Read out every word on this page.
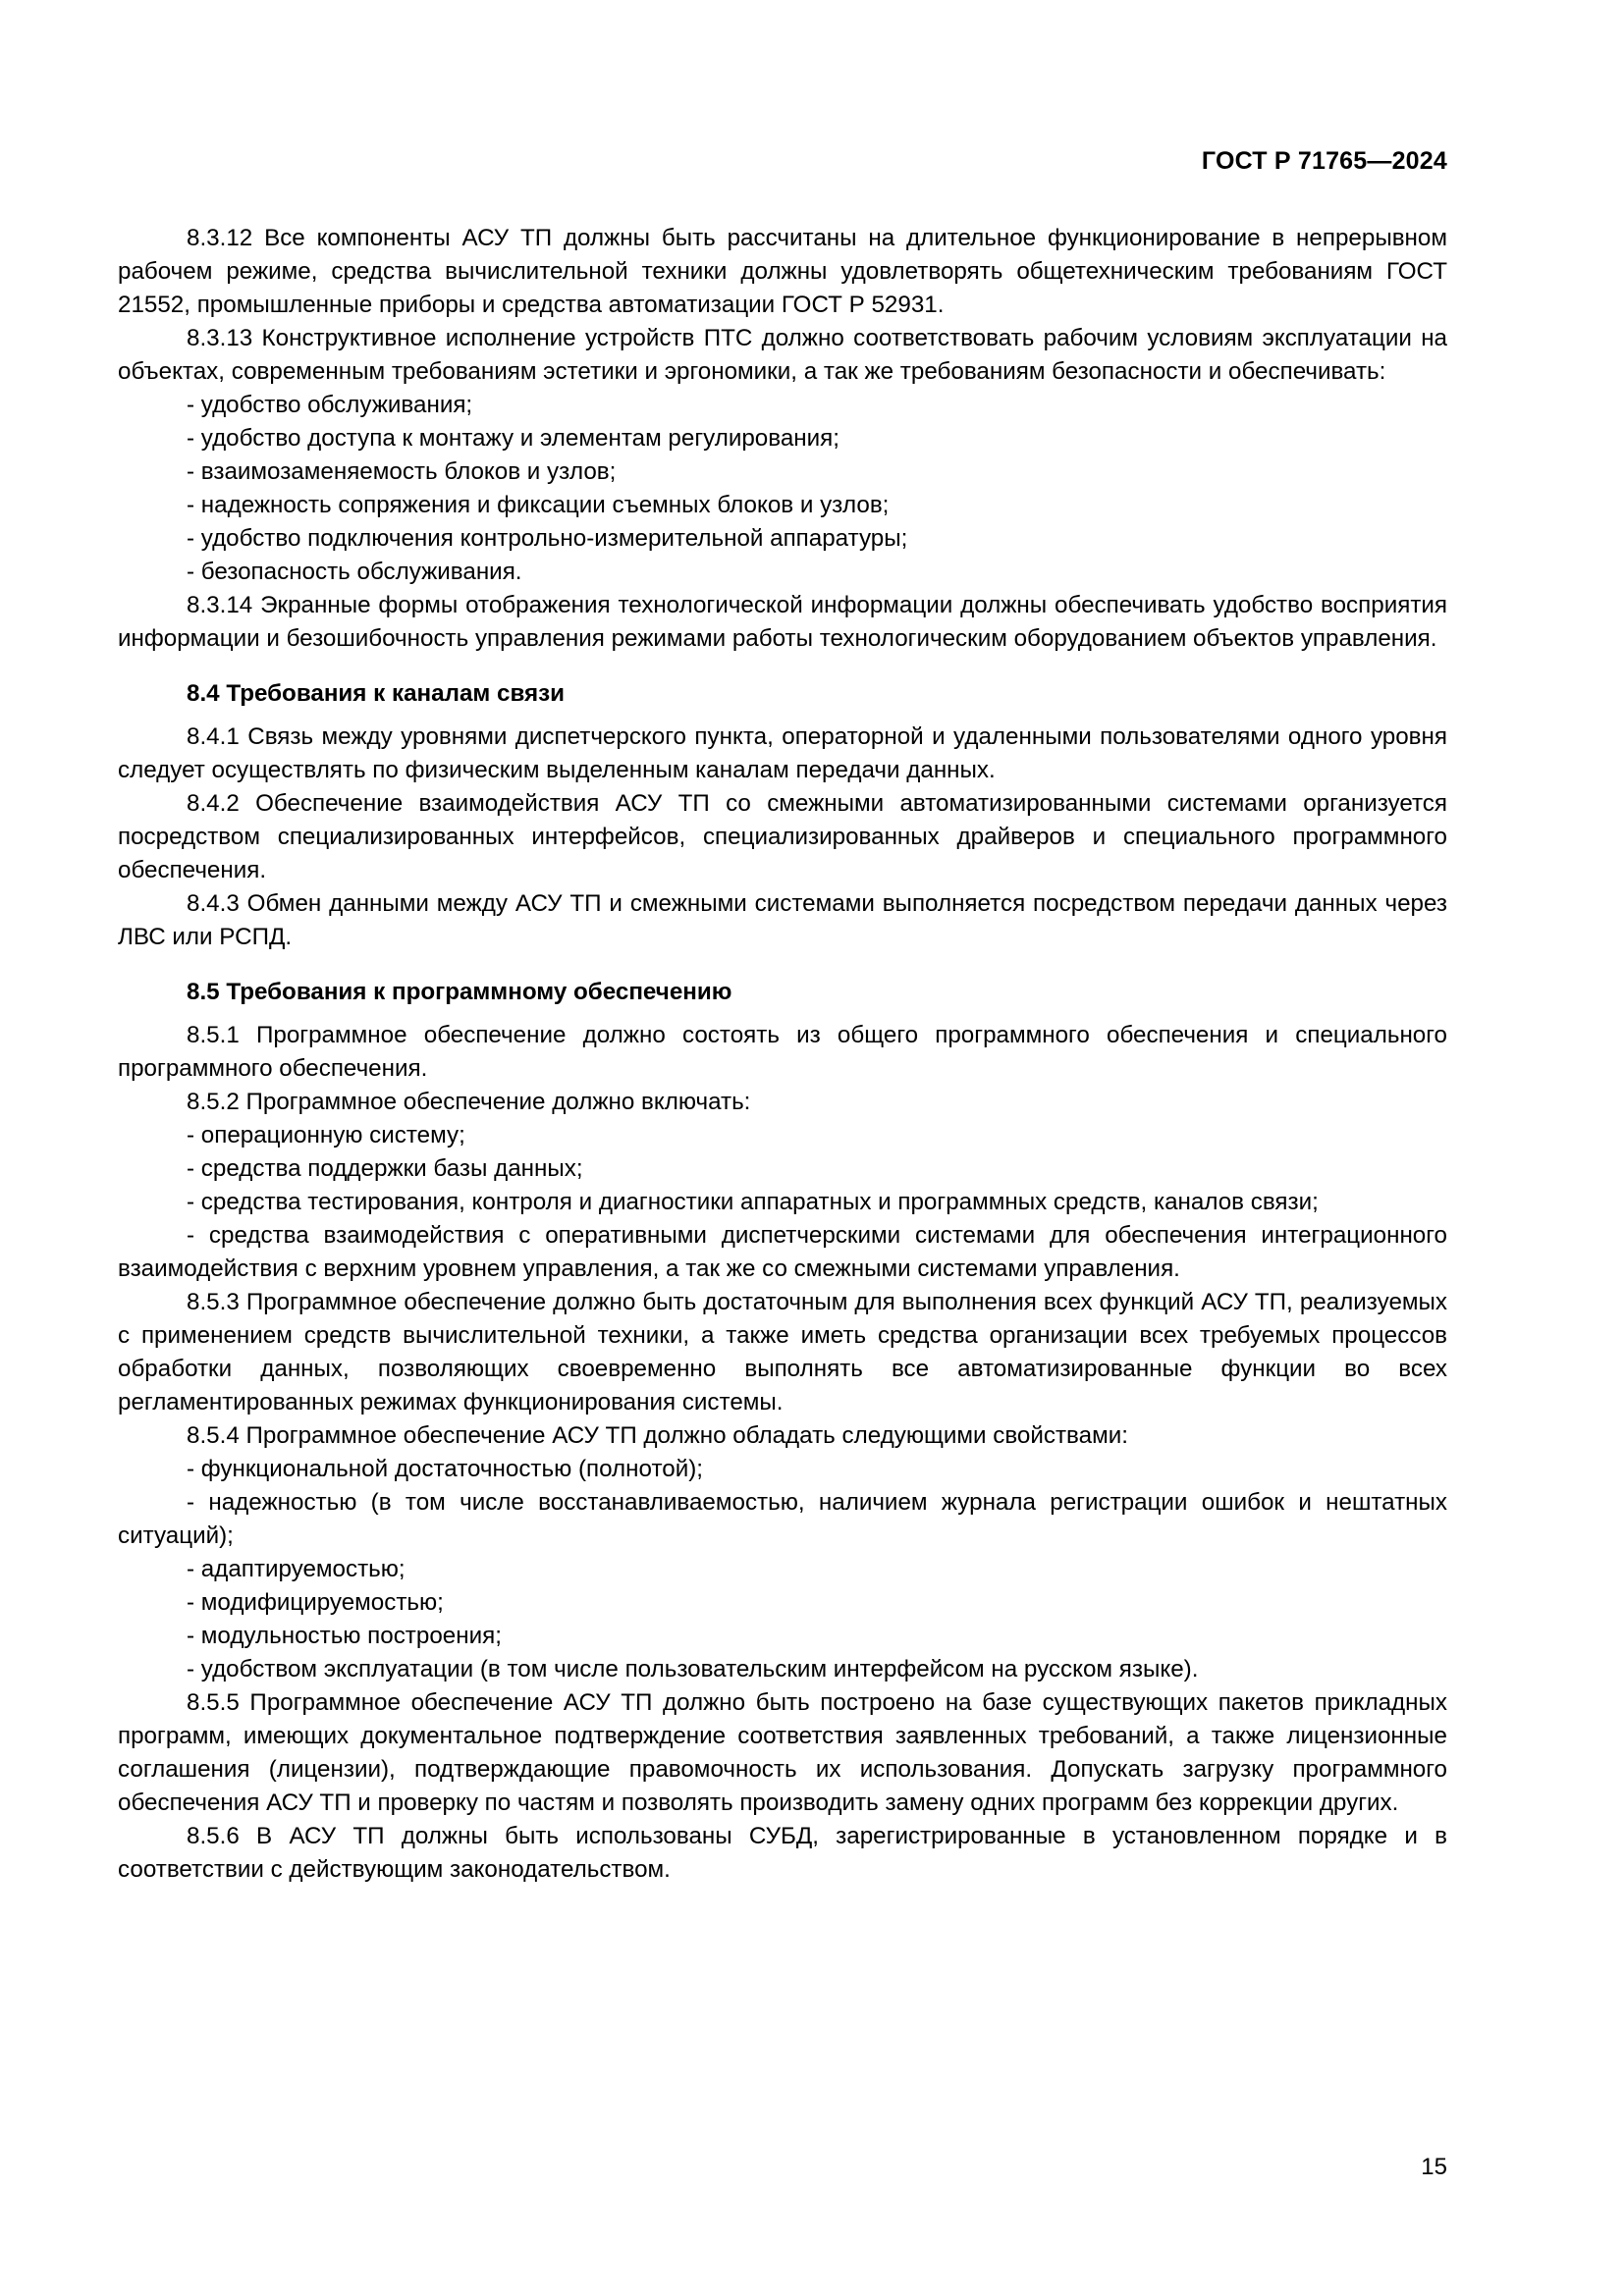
ГОСТ Р 71765—2024

8.3.12 Все компоненты АСУ ТП должны быть рассчитаны на длительное функционирование в непрерывном рабочем режиме, средства вычислительной техники должны удовлетворять общетехническим требованиям ГОСТ 21552, промышленные приборы и средства автоматизации ГОСТ Р 52931.

8.3.13 Конструктивное исполнение устройств ПТС должно соответствовать рабочим условиям эксплуатации на объектах, современным требованиям эстетики и эргономики, а так же требованиям безопасности и обеспечивать:

- удобство обслуживания;

- удобство доступа к монтажу и элементам регулирования;

- взаимозаменяемость блоков и узлов;

- надежность сопряжения и фиксации съемных блоков и узлов;

- удобство подключения контрольно-измерительной аппаратуры;

- безопасность обслуживания.

8.3.14 Экранные формы отображения технологической информации должны обеспечивать удобство восприятия информации и безошибочность управления режимами работы технологическим оборудованием объектов управления.

8.4 Требования к каналам связи

8.4.1 Связь между уровнями диспетчерского пункта, операторной и удаленными пользователями одного уровня следует осуществлять по физическим выделенным каналам передачи данных.

8.4.2 Обеспечение взаимодействия АСУ ТП со смежными автоматизированными системами организуется посредством специализированных интерфейсов, специализированных драйверов и специального программного обеспечения.

8.4.3 Обмен данными между АСУ ТП и смежными системами выполняется посредством передачи данных через ЛВС или РСПД.

8.5 Требования к программному обеспечению

8.5.1 Программное обеспечение должно состоять из общего программного обеспечения и специального программного обеспечения.

8.5.2 Программное обеспечение должно включать:

- операционную систему;

- средства поддержки базы данных;

- средства тестирования, контроля и диагностики аппаратных и программных средств, каналов связи;

- средства взаимодействия с оперативными диспетчерскими системами для обеспечения интеграционного взаимодействия с верхним уровнем управления, а так же со смежными системами управления.

8.5.3 Программное обеспечение должно быть достаточным для выполнения всех функций АСУ ТП, реализуемых с применением средств вычислительной техники, а также иметь средства организации всех требуемых процессов обработки данных, позволяющих своевременно выполнять все автоматизированные функции во всех регламентированных режимах функционирования системы.

8.5.4 Программное обеспечение АСУ ТП должно обладать следующими свойствами:

- функциональной достаточностью (полнотой);

- надежностью (в том числе восстанавливаемостью, наличием журнала регистрации ошибок и нештатных ситуаций);

- адаптируемостью;

- модифицируемостью;

- модульностью построения;

- удобством эксплуатации (в том числе пользовательским интерфейсом на русском языке).

8.5.5 Программное обеспечение АСУ ТП должно быть построено на базе существующих пакетов прикладных программ, имеющих документальное подтверждение соответствия заявленных требований, а также лицензионные соглашения (лицензии), подтверждающие правомочность их использования. Допускать загрузку программного обеспечения АСУ ТП и проверку по частям и позволять производить замену одних программ без коррекции других.

8.5.6 В АСУ ТП должны быть использованы СУБД, зарегистрированные в установленном порядке и в соответствии с действующим законодательством.

15
